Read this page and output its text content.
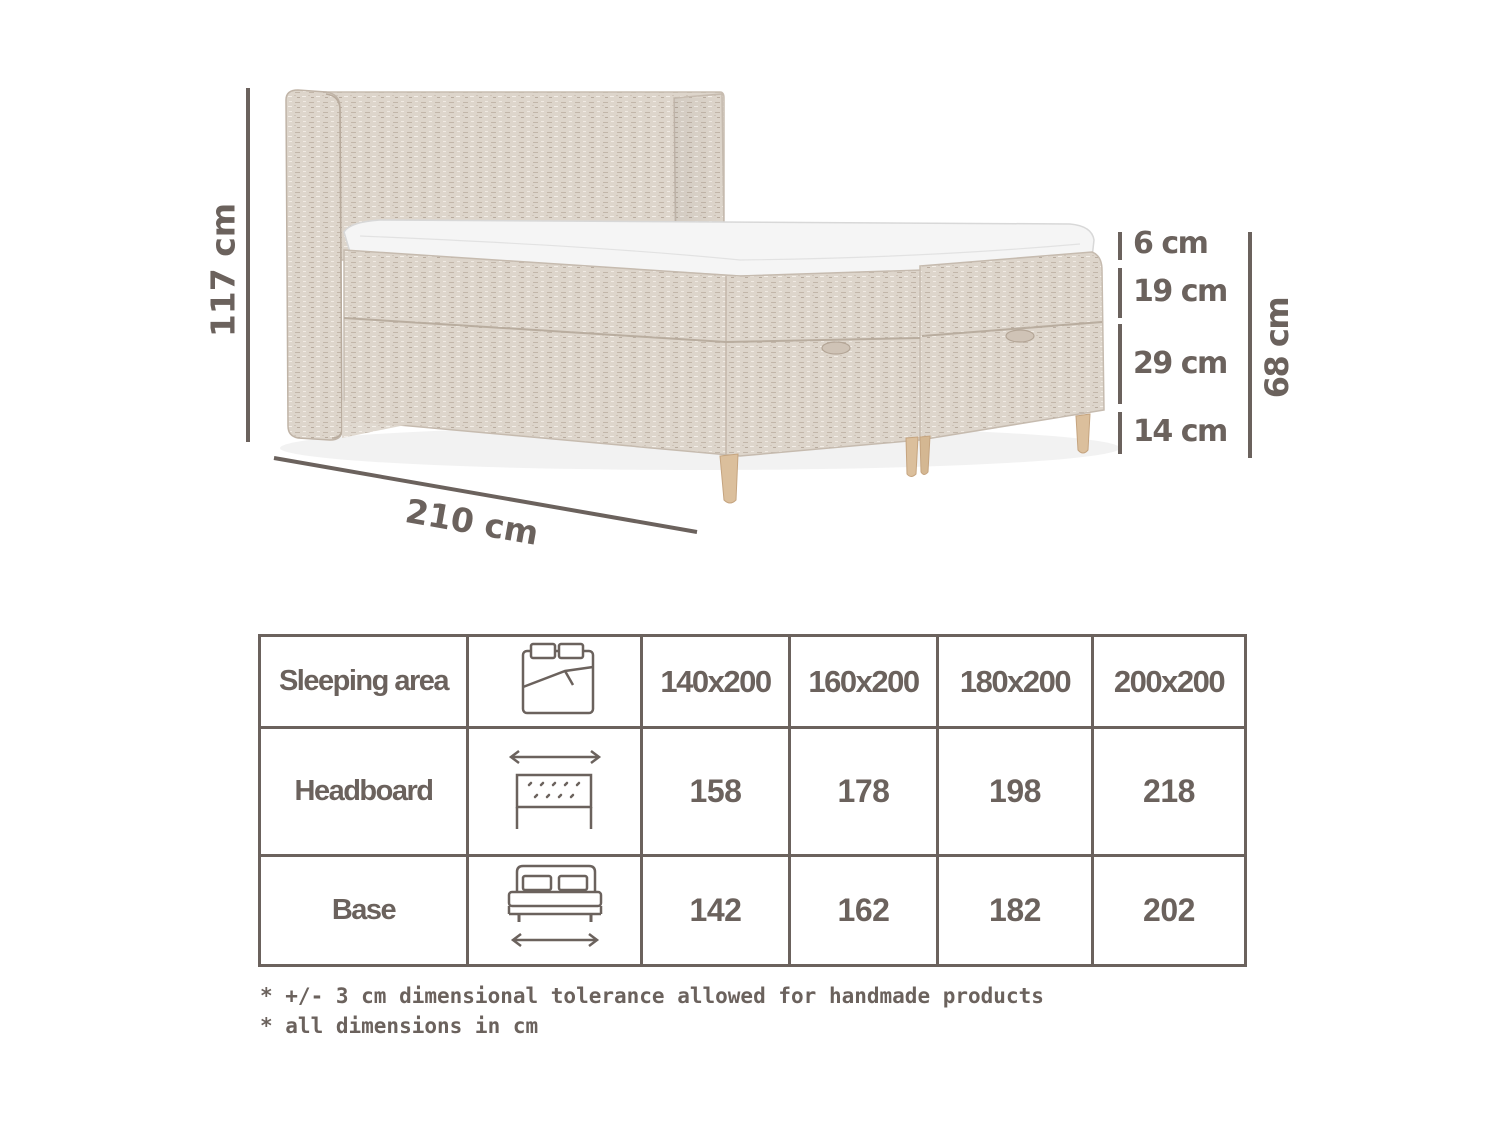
117 cm
210 cm
6 cm
19 cm
29 cm
14 cm
68 cm
Sleeping area		140x200	160x200	180x200	200x200
Headboard		158	178	198	218
Base		142	162	182	202
* +/- 3 cm dimensional tolerance allowed for handmade products
* all dimensions in cm
